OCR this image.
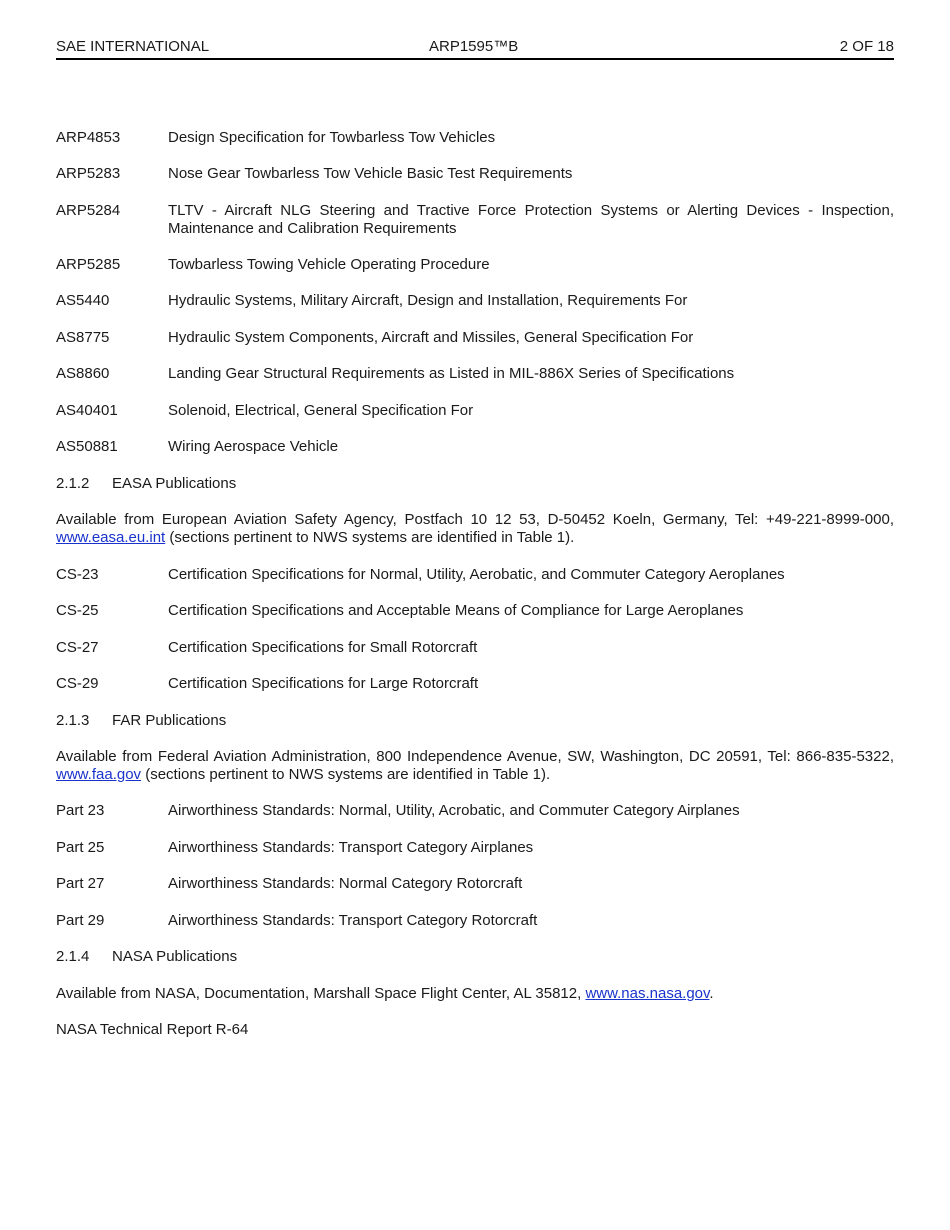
SAE INTERNATIONAL	ARP1595™B	2 OF 18
ARP4853	Design Specification for Towbarless Tow Vehicles
ARP5283	Nose Gear Towbarless Tow Vehicle Basic Test Requirements
ARP5284	TLTV - Aircraft NLG Steering and Tractive Force Protection Systems or Alerting Devices - Inspection, Maintenance and Calibration Requirements
ARP5285	Towbarless Towing Vehicle Operating Procedure
AS5440	Hydraulic Systems, Military Aircraft, Design and Installation, Requirements For
AS8775	Hydraulic System Components, Aircraft and Missiles, General Specification For
AS8860	Landing Gear Structural Requirements as Listed in MIL-886X Series of Specifications
AS40401	Solenoid, Electrical, General Specification For
AS50881	Wiring Aerospace Vehicle
2.1.2 EASA Publications
Available from European Aviation Safety Agency, Postfach 10 12 53, D-50452 Koeln, Germany, Tel: +49-221-8999-000, www.easa.eu.int (sections pertinent to NWS systems are identified in Table 1).
CS-23	Certification Specifications for Normal, Utility, Aerobatic, and Commuter Category Aeroplanes
CS-25	Certification Specifications and Acceptable Means of Compliance for Large Aeroplanes
CS-27	Certification Specifications for Small Rotorcraft
CS-29	Certification Specifications for Large Rotorcraft
2.1.3 FAR Publications
Available from Federal Aviation Administration, 800 Independence Avenue, SW, Washington, DC 20591, Tel: 866-835-5322, www.faa.gov (sections pertinent to NWS systems are identified in Table 1).
Part 23	Airworthiness Standards: Normal, Utility, Acrobatic, and Commuter Category Airplanes
Part 25	Airworthiness Standards: Transport Category Airplanes
Part 27	Airworthiness Standards: Normal Category Rotorcraft
Part 29	Airworthiness Standards: Transport Category Rotorcraft
2.1.4 NASA Publications
Available from NASA, Documentation, Marshall Space Flight Center, AL 35812, www.nas.nasa.gov.
NASA Technical Report R-64
